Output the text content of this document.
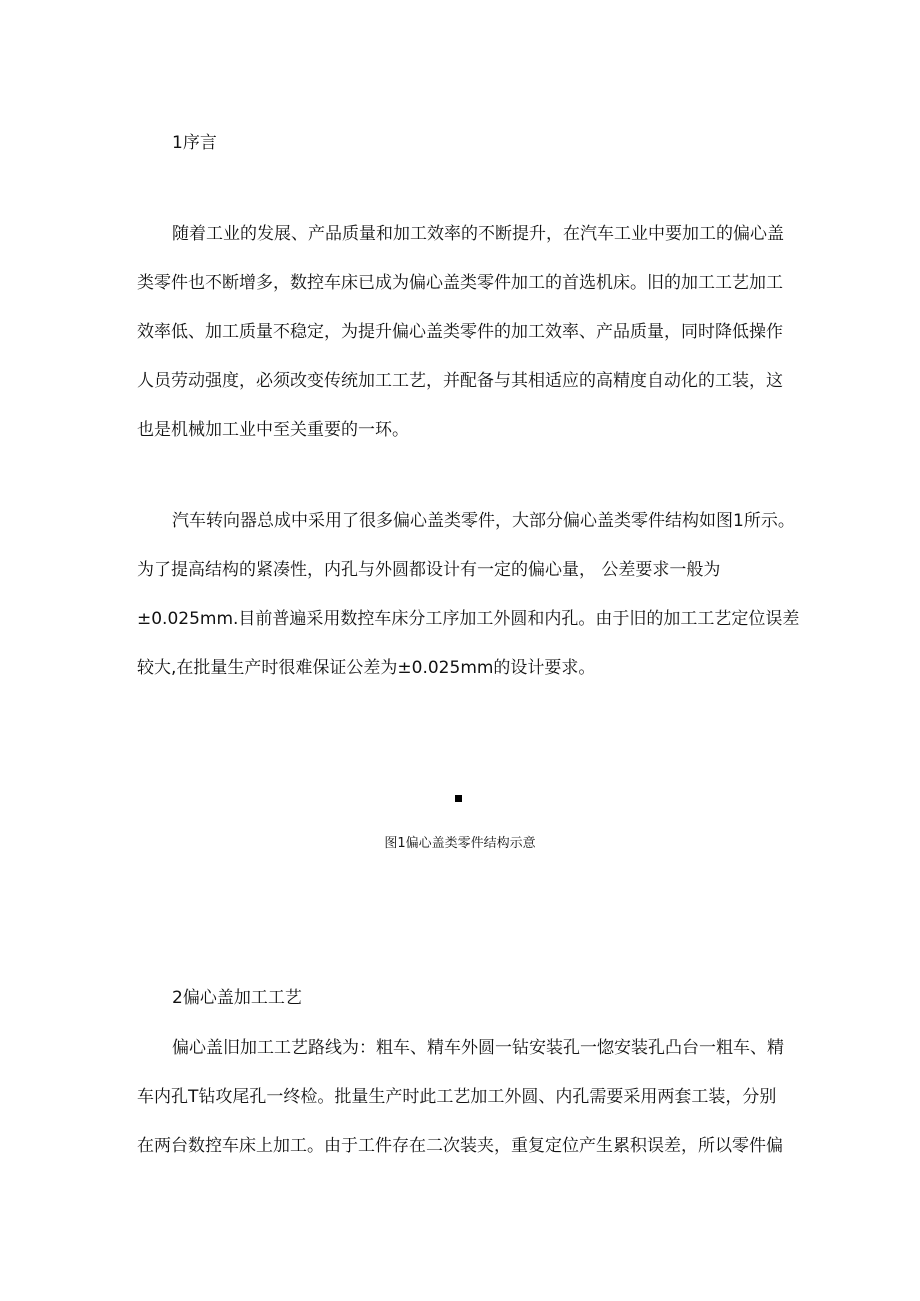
1序言
随着工业的发展、产品质量和加工效率的不断提升，在汽车工业中要加工的偏心盖
类零件也不断增多，数控车床已成为偏心盖类零件加工的首选机床。旧的加工工艺加工
效率低、加工质量不稳定，为提升偏心盖类零件的加工效率、产品质量，同时降低操作
人员劳动强度，必须改变传统加工工艺，并配备与其相适应的高精度自动化的工装，这
也是机械加工业中至关重要的一环。
汽车转向器总成中采用了很多偏心盖类零件，大部分偏心盖类零件结构如图1所示。
为了提高结构的紧凑性，内孔与外圆都设计有一定的偏心量， 公差要求一般为
±0.025mm.目前普遍采用数控车床分工序加工外圆和内孔。由于旧的加工工艺定位误差
较大,在批量生产时很难保证公差为±0.025mm的设计要求。
图1偏心盖类零件结构示意
2偏心盖加工工艺
偏心盖旧加工工艺路线为：粗车、精车外圆一钻安装孔一惚安装孔凸台一粗车、精
车内孔T钻攻尾孔一终检。批量生产时此工艺加工外圆、内孔需要采用两套工装，分别
在两台数控车床上加工。由于工件存在二次装夹，重复定位产生累积误差，所以零件偏
